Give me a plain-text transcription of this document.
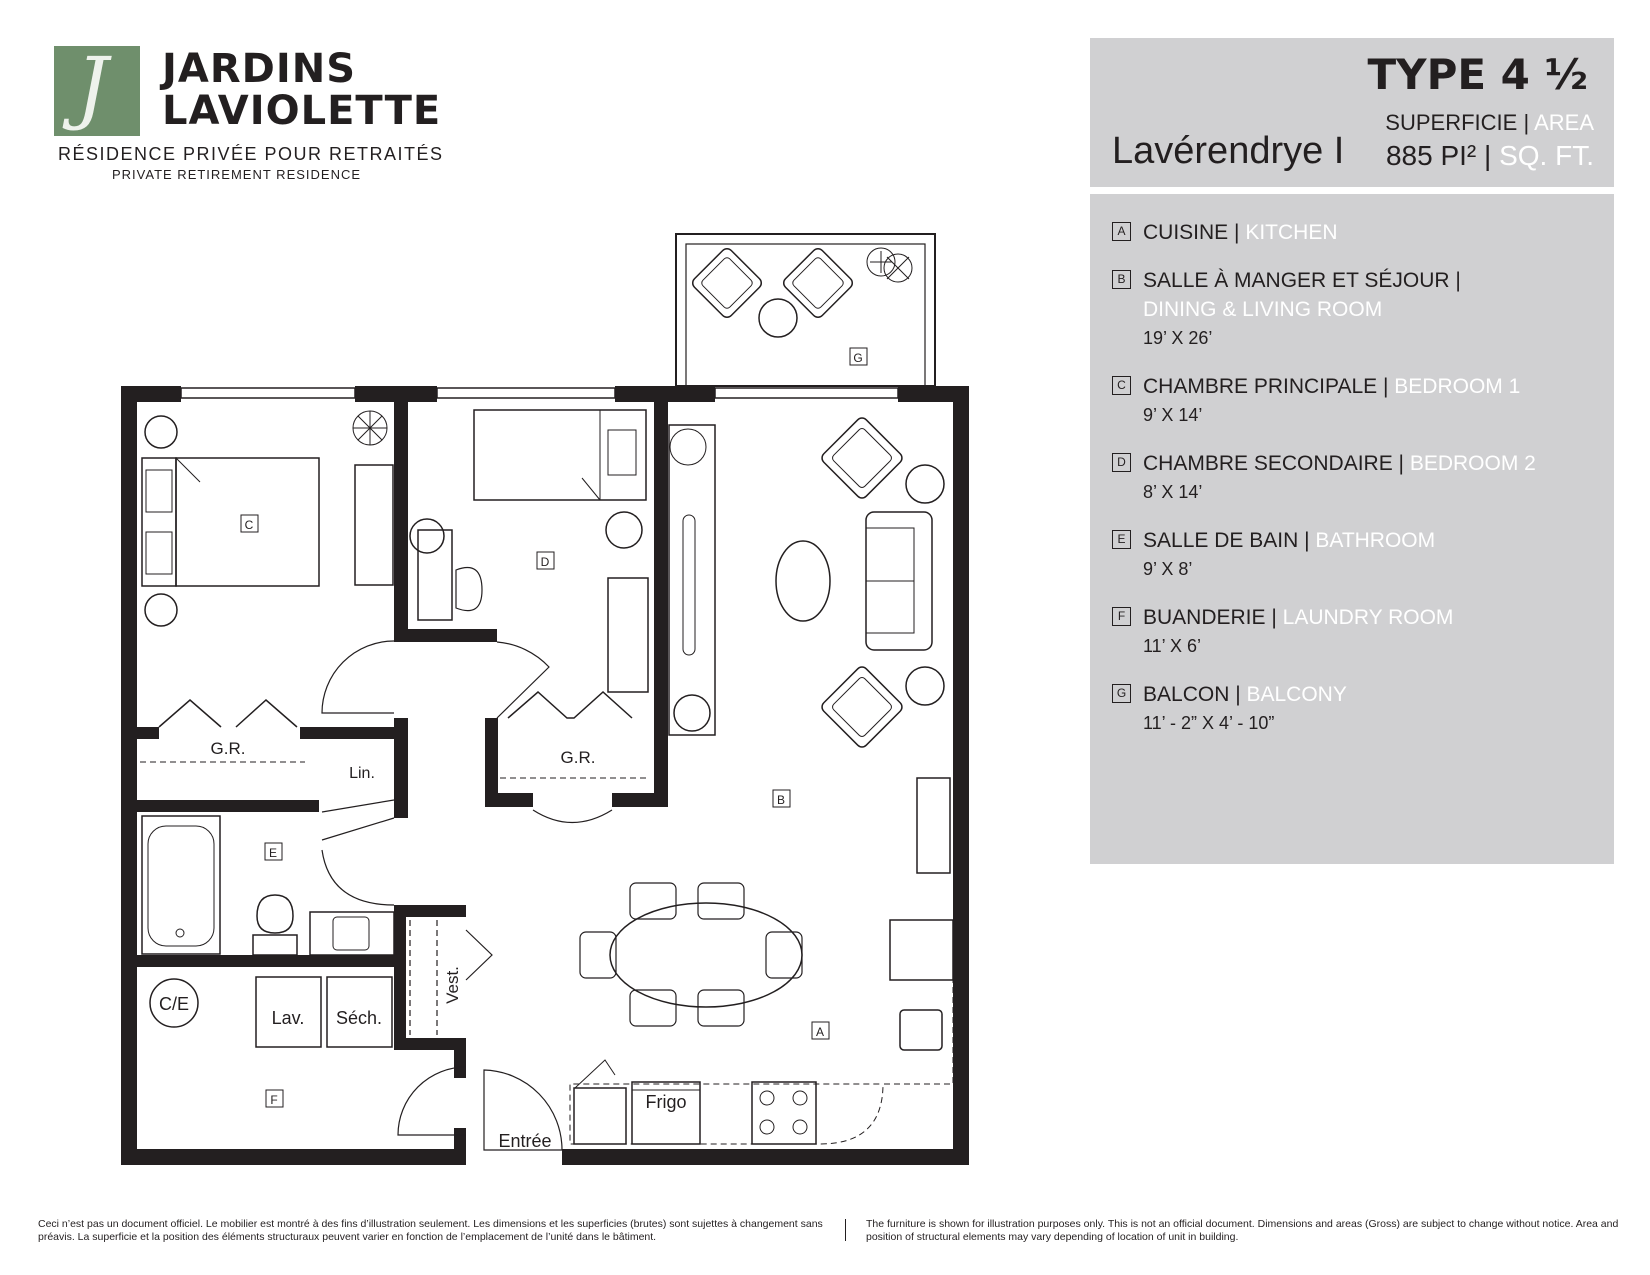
J JARDINS
LAVIOLETTE
RÉSIDENCE PRIVÉE POUR RETRAITÉS
PRIVATE RETIREMENT RESIDENCE
TYPE 4 ½
Lavérendrye I
SUPERFICIE | AREA
885 PI² | SQ. FT.
A CUISINE | KITCHEN
B SALLE À MANGER ET SÉJOUR |
DINING & LIVING ROOM
19’ X 26’
C CHAMBRE PRINCIPALE | BEDROOM 1
9’ X 14’
D CHAMBRE SECONDAIRE | BEDROOM 2
8’ X 14’
E SALLE DE BAIN | BATHROOM
9’ X 8’
F BUANDERIE | LAUNDRY ROOM
11’ X 6’
G BALCON | BALCONY
11’ - 2” X 4’ - 10”
G
G.R.
C
G.R.
D
Lin.
E
C/E
Lav. Séch.
F
Vest.
Entrée
B
Frigo
A
Ceci n’est pas un document officiel. Le mobilier est montré à des fins d’illustration seulement. Les dimensions et les superficies (brutes) sont sujettes à changement sans préavis. La superficie et la position des éléments structuraux peuvent varier en fonction de l’emplacement de l’unité dans le bâtiment.
The furniture is shown for illustration purposes only. This is not an official document. Dimensions and areas (Gross) are subject to change without notice. Area and position of structural elements may vary depending of location of unit in building.
